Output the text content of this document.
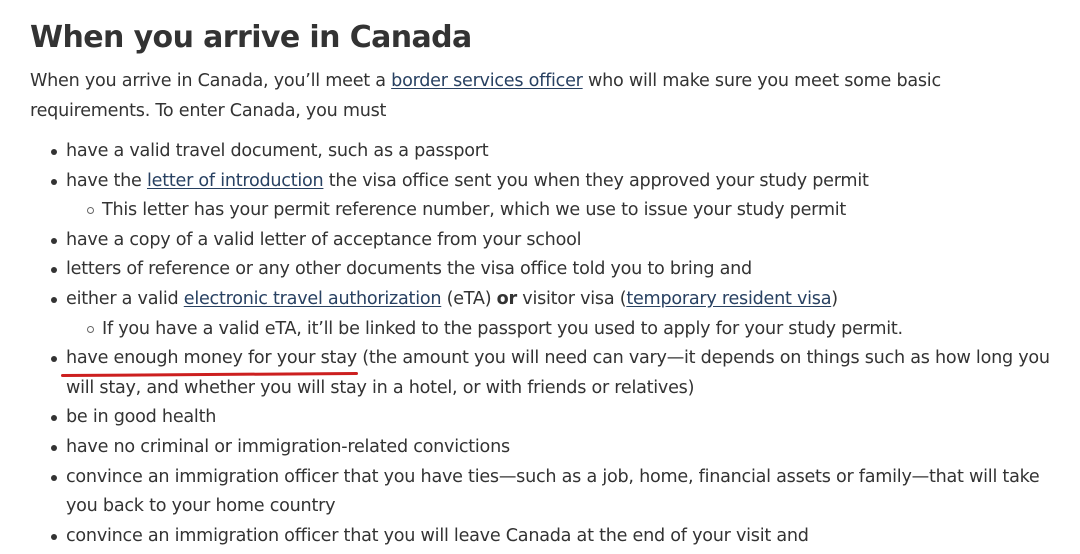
When you arrive in Canada

When you arrive in Canada, you’ll meet a border services officer who will make sure you meet some basic requirements. To enter Canada, you must

have a valid travel document, such as a passport
have the letter of introduction the visa office sent you when they approved your study permit
This letter has your permit reference number, which we use to issue your study permit
have a copy of a valid letter of acceptance from your school
letters of reference or any other documents the visa office told you to bring and
either a valid electronic travel authorization (eTA) or visitor visa (temporary resident visa)
If you have a valid eTA, it’ll be linked to the passport you used to apply for your study permit.
have enough money for your stay (the amount you will need can vary—it depends on things such as how long you will stay, and whether you will stay in a hotel, or with friends or relatives)
be in good health
have no criminal or immigration-related convictions
convince an immigration officer that you have ties—such as a job, home, financial assets or family—that will take you back to your home country
convince an immigration officer that you will leave Canada at the end of your visit and
